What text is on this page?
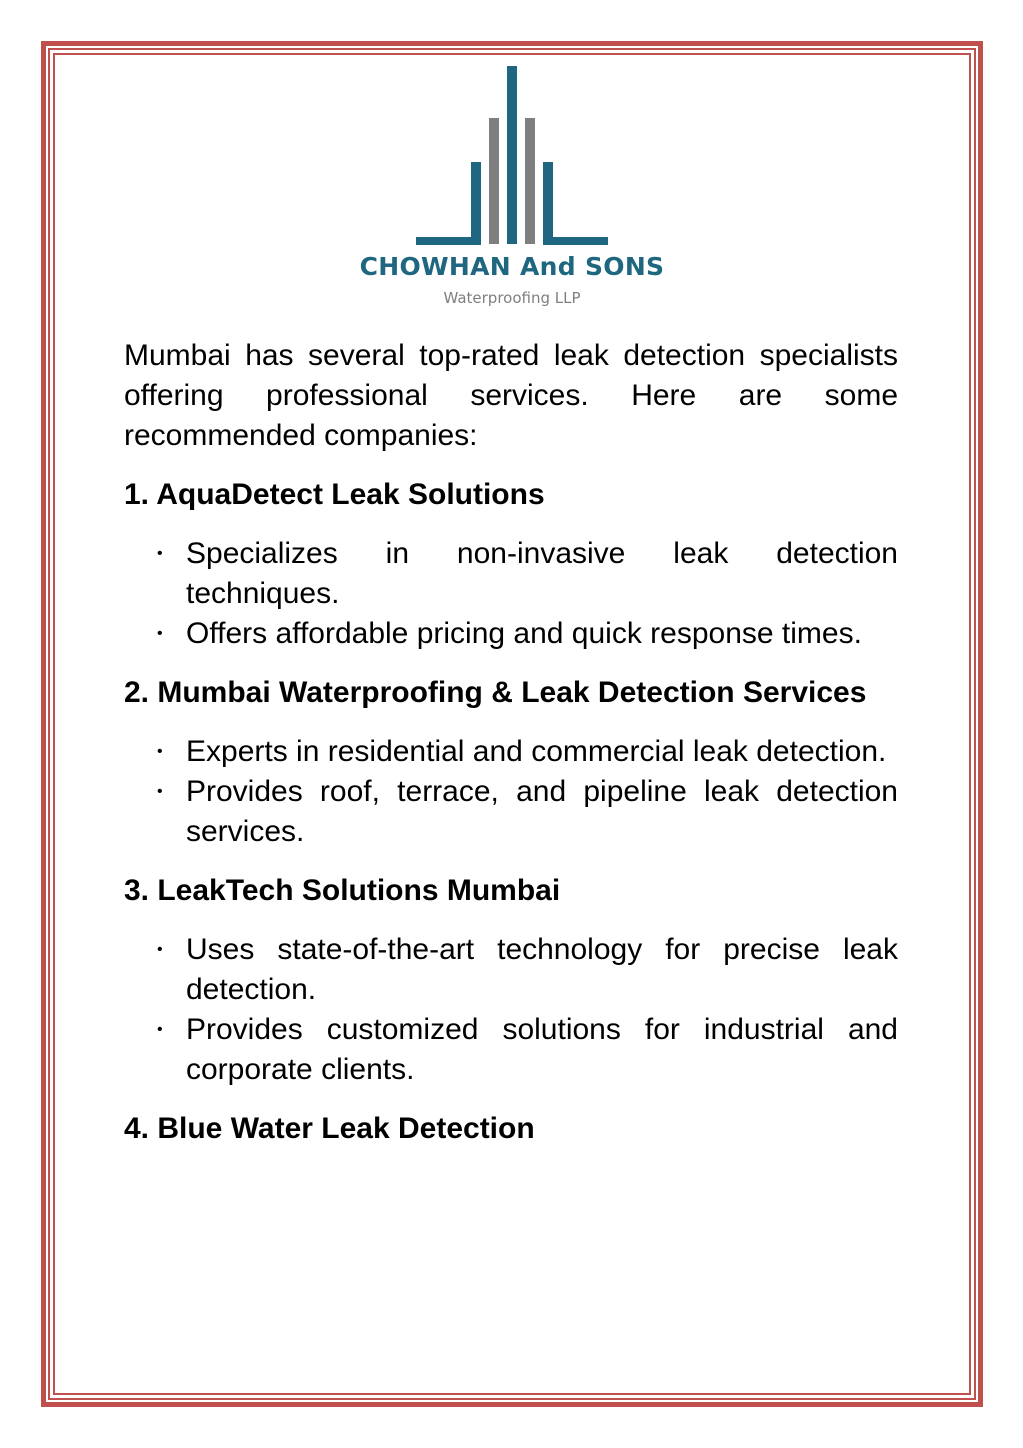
CHOWHAN And SONS
Waterproofing LLP

Mumbai has several top-rated leak detection specialists offering professional services. Here are some recommended companies:

1. AquaDetect Leak Solutions

• Specializes in non-invasive leak detection techniques.
• Offers affordable pricing and quick response times.

2. Mumbai Waterproofing & Leak Detection Services

• Experts in residential and commercial leak detection.
• Provides roof, terrace, and pipeline leak detection services.

3. LeakTech Solutions Mumbai

• Uses state-of-the-art technology for precise leak detection.
• Provides customized solutions for industrial and corporate clients.

4. Blue Water Leak Detection
